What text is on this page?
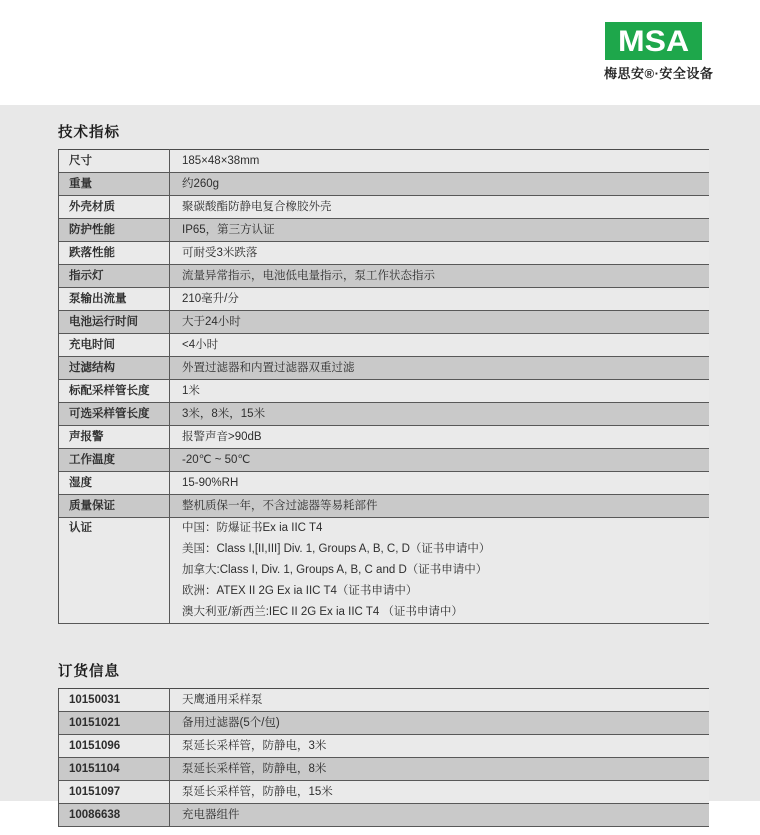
MSA
梅思安®·安全设备
技术指标
尺寸	185×48×38mm
重量	约260g
外壳材质	聚碳酸酯防静电复合橡胶外壳
防护性能	IP65，第三方认证
跌落性能	可耐受3米跌落
指示灯	流量异常指示，电池低电量指示，泵工作状态指示
泵输出流量	210毫升/分
电池运行时间	大于24小时
充电时间	<4小时
过滤结构	外置过滤器和内置过滤器双重过滤
标配采样管长度	1米
可选采样管长度	3米，8米，15米
声报警	报警声音>90dB
工作温度	-20℃ ~ 50℃
湿度	15-90%RH
质量保证	整机质保一年，不含过滤器等易耗部件
认证	中国：防爆证书Ex ia IIC T4
美国：Class I,[II,III] Div. 1, Groups A, B, C, D（证书申请中）
加拿大:Class I, Div. 1, Groups A, B, C and D（证书申请中）
欧洲：ATEX II 2G Ex ia IIC T4（证书申请中）
澳大利亚/新西兰:IEC II 2G Ex ia IIC T4 （证书申请中）
订货信息
10150031	天鹰通用采样泵
10151021	备用过滤器(5个/包)
10151096	泵延长采样管，防静电，3米
10151104	泵延长采样管，防静电，8米
10151097	泵延长采样管，防静电，15米
10086638	充电器组件
